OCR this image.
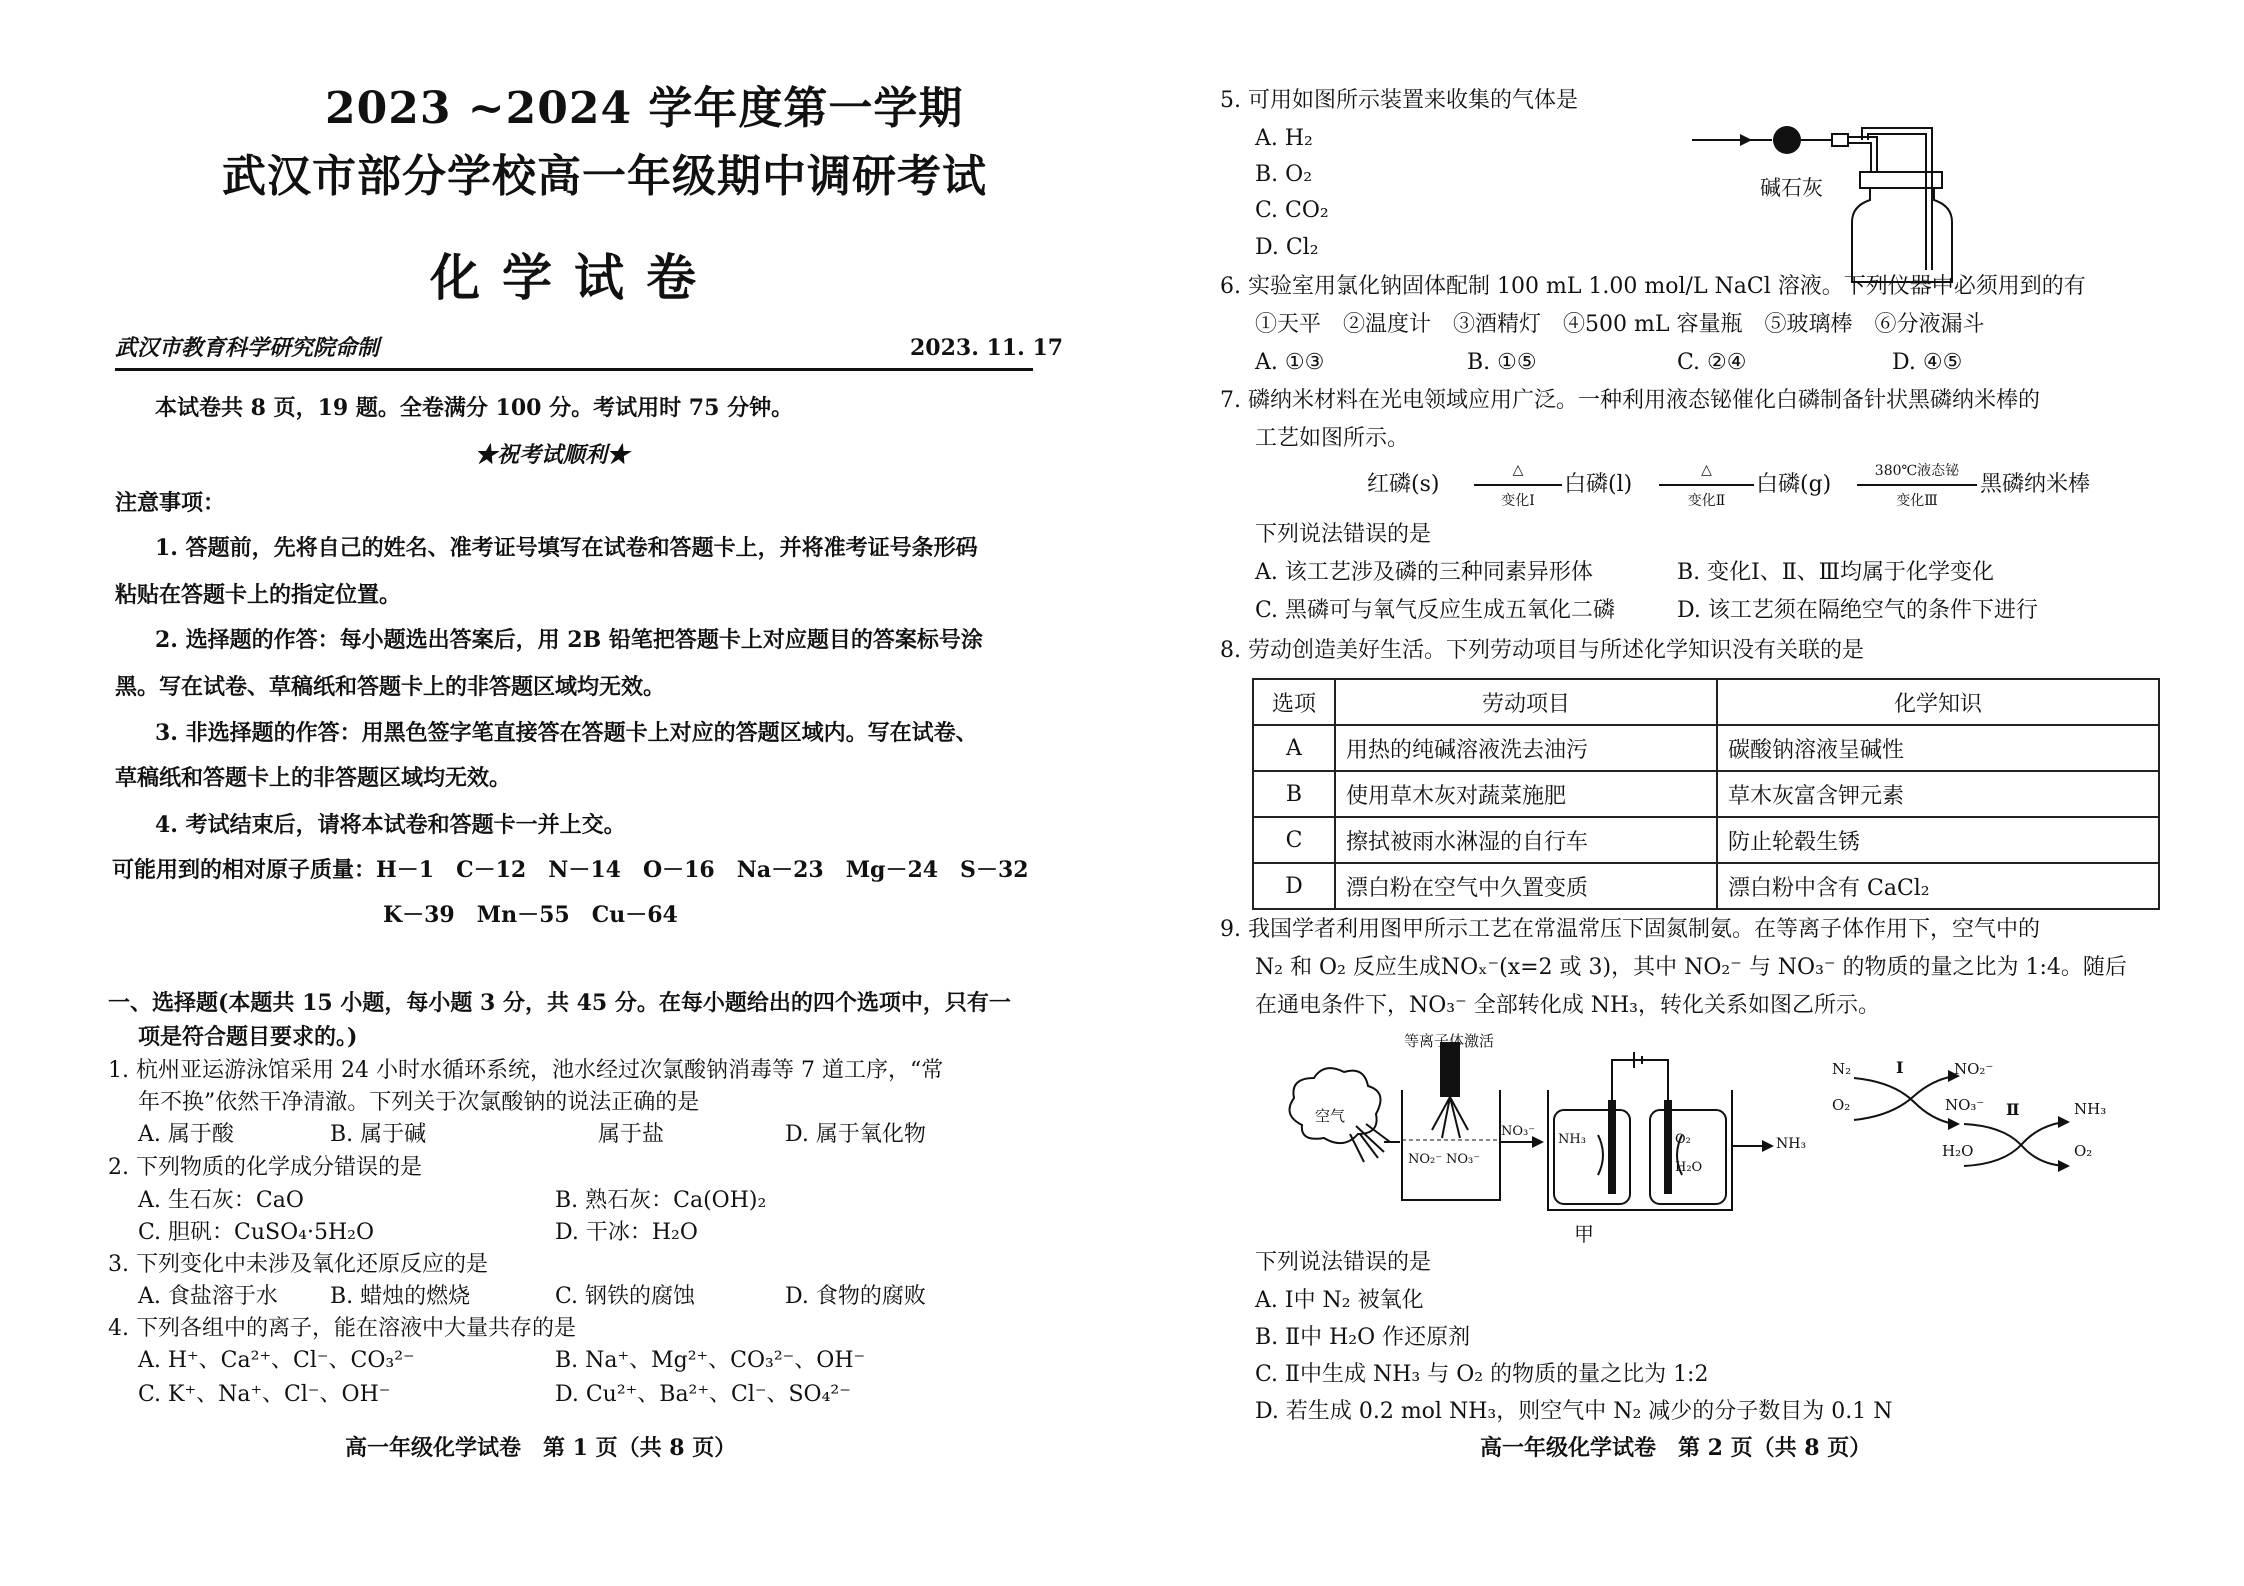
2023 ~2024 学年度第一学期
武汉市部分学校高一年级期中调研考试
化学试卷
武汉市教育科学研究院命制	2023. 11. 17
本试卷共 8 页，19 题。全卷满分 100 分。考试用时 75 分钟。
★祝考试顺利★
注意事项：
1. 答题前，先将自己的姓名、准考证号填写在试卷和答题卡上，并将准考证号条形码
粘贴在答题卡上的指定位置。
2. 选择题的作答：每小题选出答案后，用 2B 铅笔把答题卡上对应题目的答案标号涂
黑。写在试卷、草稿纸和答题卡上的非答题区域均无效。
3. 非选择题的作答：用黑色签字笔直接答在答题卡上对应的答题区域内。写在试卷、
草稿纸和答题卡上的非答题区域均无效。
4. 考试结束后，请将本试卷和答题卡一并上交。
可能用到的相对原子质量：H－1　C－12　N－14　O－16　Na－23　Mg－24　S－32
K－39　Mn－55　Cu－64
一、选择题(本题共 15 小题，每小题 3 分，共 45 分。在每小题给出的四个选项中，只有一
项是符合题目要求的。)
1. 杭州亚运游泳馆采用 24 小时水循环系统，池水经过次氯酸钠消毒等 7 道工序，“常
年不换”依然干净清澈。下列关于次氯酸钠的说法正确的是
A. 属于酸	B. 属于碱	属于盐	D. 属于氧化物
2. 下列物质的化学成分错误的是
A. 生石灰：CaO	B. 熟石灰：Ca(OH)₂
C. 胆矾：CuSO₄·5H₂O	D. 干冰：H₂O
3. 下列变化中未涉及氧化还原反应的是
A. 食盐溶于水 B. 蜡烛的燃烧	C. 钢铁的腐蚀	D. 食物的腐败
4. 下列各组中的离子，能在溶液中大量共存的是
A. H⁺、Ca²⁺、Cl⁻、CO₃²⁻	B. Na⁺、Mg²⁺、CO₃²⁻、OH⁻
C. K⁺、Na⁺、Cl⁻、OH⁻	D. Cu²⁺、Ba²⁺、Cl⁻、SO₄²⁻
高一年级化学试卷　第 1 页（共 8 页）
5. 可用如图所示装置来收集的气体是
A. H₂
B. O₂
C. CO₂
D. Cl₂
碱石灰
6. 实验室用氯化钠固体配制 100 mL 1.00 mol/L NaCl 溶液。下列仪器中必须用到的有
①天平　②温度计　③酒精灯　④500 mL 容量瓶　⑤玻璃棒　⑥分液漏斗
A. ①③	B. ①⑤	C. ②④	D. ④⑤
7. 磷纳米材料在光电领域应用广泛。一种利用液态铋催化白磷制备针状黑磷纳米棒的
工艺如图所示。
红磷(s)
△
变化Ⅰ
白磷(l)
△
变化Ⅱ
白磷(g)
380℃液态铋
变化Ⅲ
黑磷纳米棒
下列说法错误的是
A. 该工艺涉及磷的三种同素异形体	B. 变化Ⅰ、Ⅱ、Ⅲ均属于化学变化
C. 黑磷可与氧气反应生成五氧化二磷	D. 该工艺须在隔绝空气的条件下进行
8. 劳动创造美好生活。下列劳动项目与所述化学知识没有关联的是
选项	劳动项目	化学知识
A	用热的纯碱溶液洗去油污	碳酸钠溶液呈碱性
B	使用草木灰对蔬菜施肥	草木灰富含钾元素
C	擦拭被雨水淋湿的自行车	防止轮毂生锈
D	漂白粉在空气中久置变质	漂白粉中含有 CaCl₂
9. 我国学者利用图甲所示工艺在常温常压下固氮制氨。在等离子体作用下，空气中的
N₂ 和 O₂ 反应生成NOₓ⁻(x=2 或 3)，其中 NO₂⁻ 与 NO₃⁻ 的物质的量之比为 1:4。随后
在通电条件下，NO₃⁻ 全部转化成 NH₃，转化关系如图乙所示。
等离子体激活
空气
NO₂⁻ NO₃⁻
NO₃⁻
NH₃	O₂
H₂O
NH₃
甲
N₂
O₂
Ⅰ	NO₂⁻
NO₃⁻
H₂O
Ⅱ	NH₃
O₂
下列说法错误的是
A. Ⅰ中 N₂ 被氧化
B. Ⅱ中 H₂O 作还原剂
C. Ⅱ中生成 NH₃ 与 O₂ 的物质的量之比为 1:2
D. 若生成 0.2 mol NH₃，则空气中 N₂ 减少的分子数目为 0.1 N
高一年级化学试卷　第 2 页（共 8 页）
